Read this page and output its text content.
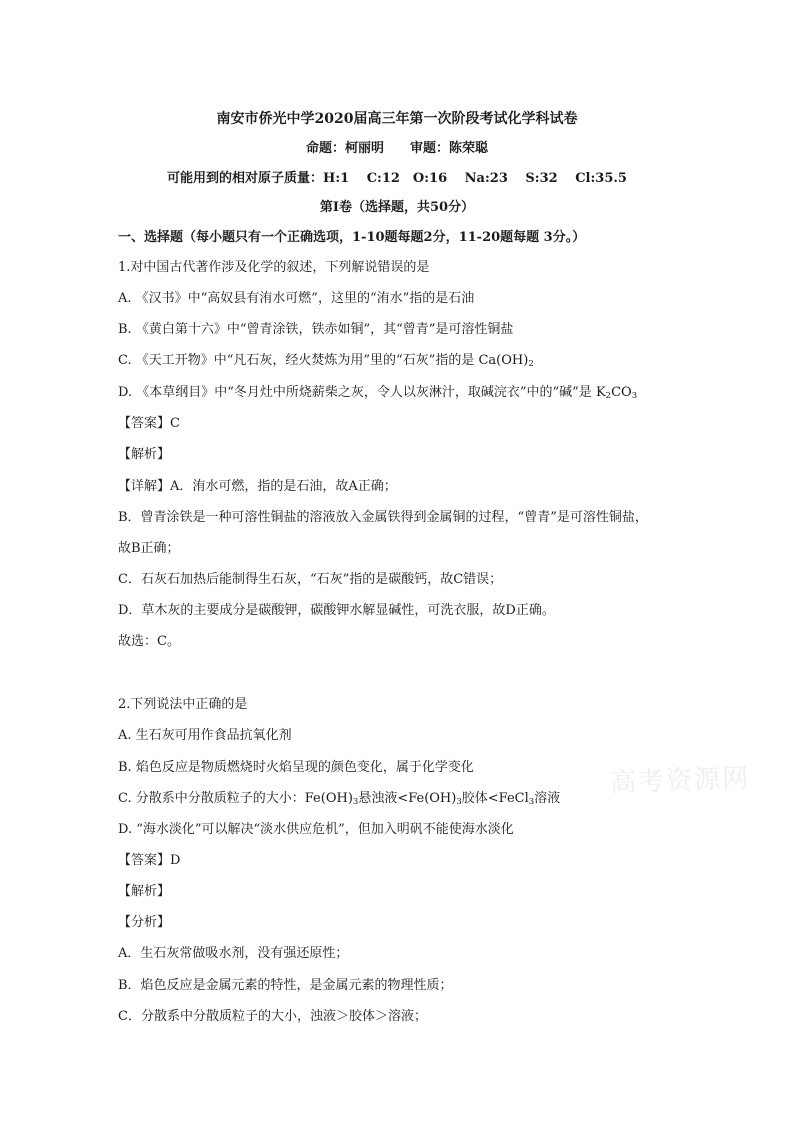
南安市侨光中学2020届高三年第一次阶段考试化学科试卷
命题：柯丽明　　审题：陈荣聪
可能用到的相对原子质量：H:1　 C:12　O:16　 Na:23　 S:32　 Cl:35.5
第Ⅰ卷（选择题，共50分）
一、选择题（每小题只有一个正确选项，1-10题每题2分，11-20题每题 3分。）
1.对中国古代著作涉及化学的叙述，下列解说错误的是
A. 《汉书》中“高奴县有洧水可燃”，这里的“洧水”指的是石油
B. 《黄白第十六》中“曾青涂铁，铁赤如铜”，其“曾青”是可溶性铜盐
C. 《天工开物》中“凡石灰，经火焚炼为用”里的“石灰”指的是 $Ca(OH)_2$
D. 《本草纲目》中“冬月灶中所烧薪柴之灰，令人以灰淋汁，取碱浣衣”中的“碱”是 $K_2CO_3$
【答案】C
【解析】
【详解】A．洧水可燃，指的是石油，故A正确；
B．曾青涂铁是一种可溶性铜盐的溶液放入金属铁得到金属铜的过程，“曾青”是可溶性铜盐，
故B正确；
C．石灰石加热后能制得生石灰，“石灰”指的是碳酸钙，故C错误；
D．草木灰的主要成分是碳酸钾，碳酸钾水解显碱性，可洗衣服，故D正确。
故选：C。
2.下列说法中正确的是
A. 生石灰可用作食品抗氧化剂
B. 焰色反应是物质燃烧时火焰呈现的颜色变化，属于化学变化
C. 分散系中分散质粒子的大小：$Fe(OH)_3$悬浊液$<Fe(OH)_3$胶体<FeCl$_3$溶液
D. “海水淡化”可以解决“淡水供应危机”，但加入明矾不能使海水淡化
【答案】D
【解析】
【分析】
A．生石灰常做吸水剂，没有强还原性；
B．焰色反应是金属元素的特性，是金属元素的物理性质；
C．分散系中分散质粒子的大小，浊液＞胶体＞溶液；
高考资源网
